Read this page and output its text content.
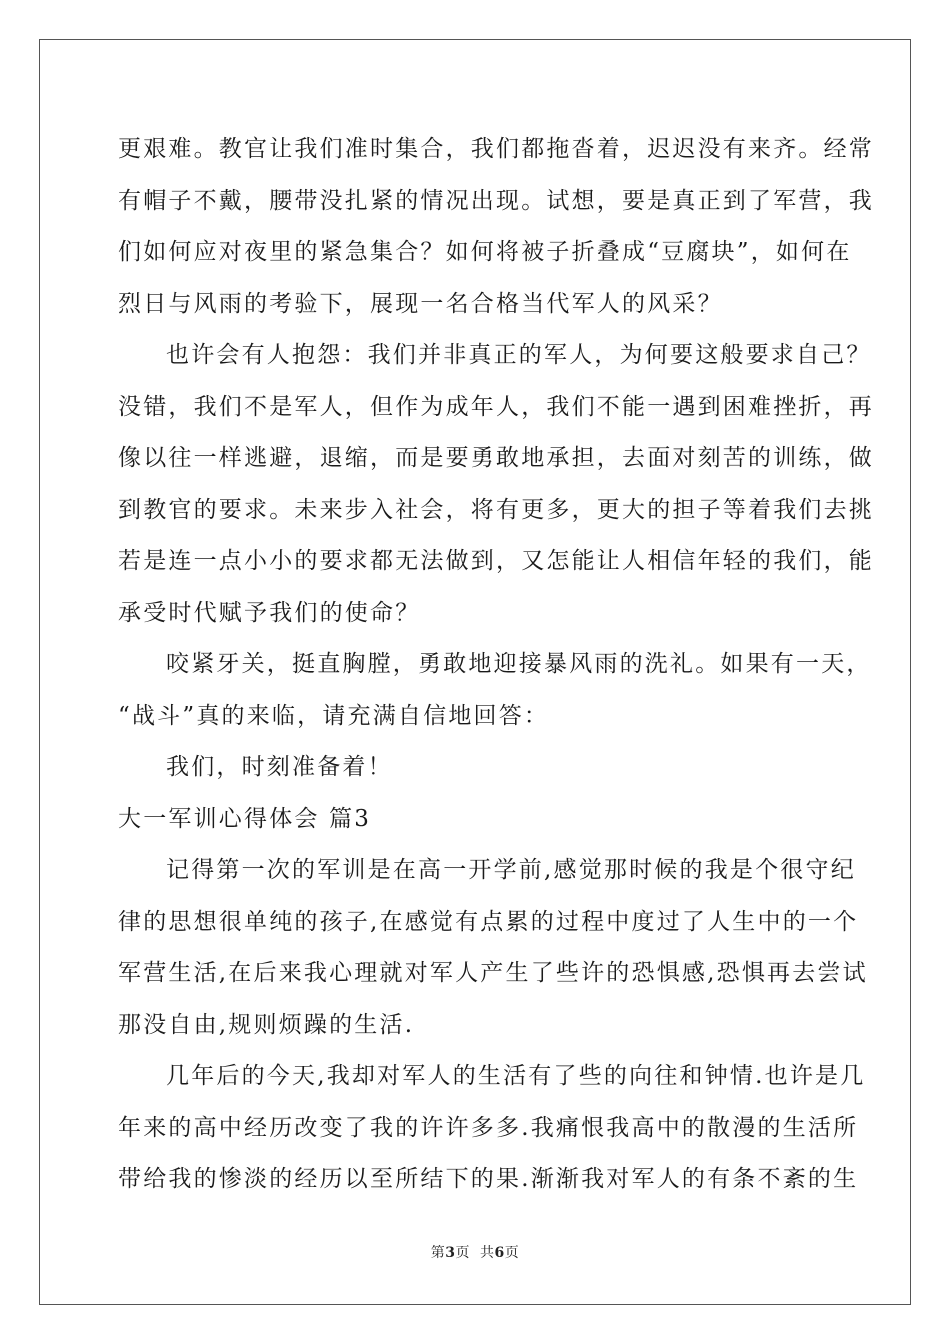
更艰难。教官让我们准时集合，我们都拖沓着，迟迟没有来齐。经常
有帽子不戴，腰带没扎紧的情况出现。试想，要是真正到了军营，我
们如何应对夜里的紧急集合？如何将被子折叠成“豆腐块”，如何在
烈日与风雨的考验下，展现一名合格当代军人的风采？
也许会有人抱怨：我们并非真正的军人，为何要这般要求自己？
没错，我们不是军人，但作为成年人，我们不能一遇到困难挫折，再
像以往一样逃避，退缩，而是要勇敢地承担，去面对刻苦的训练，做
到教官的要求。未来步入社会，将有更多，更大的担子等着我们去挑
若是连一点小小的要求都无法做到，又怎能让人相信年轻的我们，能
承受时代赋予我们的使命？
咬紧牙关，挺直胸膛，勇敢地迎接暴风雨的洗礼。如果有一天，
“战斗”真的来临，请充满自信地回答：
我们，时刻准备着！
大一军训心得体会 篇3
记得第一次的军训是在高一开学前,感觉那时候的我是个很守纪
律的思想很单纯的孩子,在感觉有点累的过程中度过了人生中的一个
军营生活,在后来我心理就对军人产生了些许的恐惧感,恐惧再去尝试
那没自由,规则烦躁的生活.
几年后的今天,我却对军人的生活有了些的向往和钟情.也许是几
年来的高中经历改变了我的许许多多.我痛恨我高中的散漫的生活所
带给我的惨淡的经历以至所结下的果.渐渐我对军人的有条不紊的生
第3页  共6页
